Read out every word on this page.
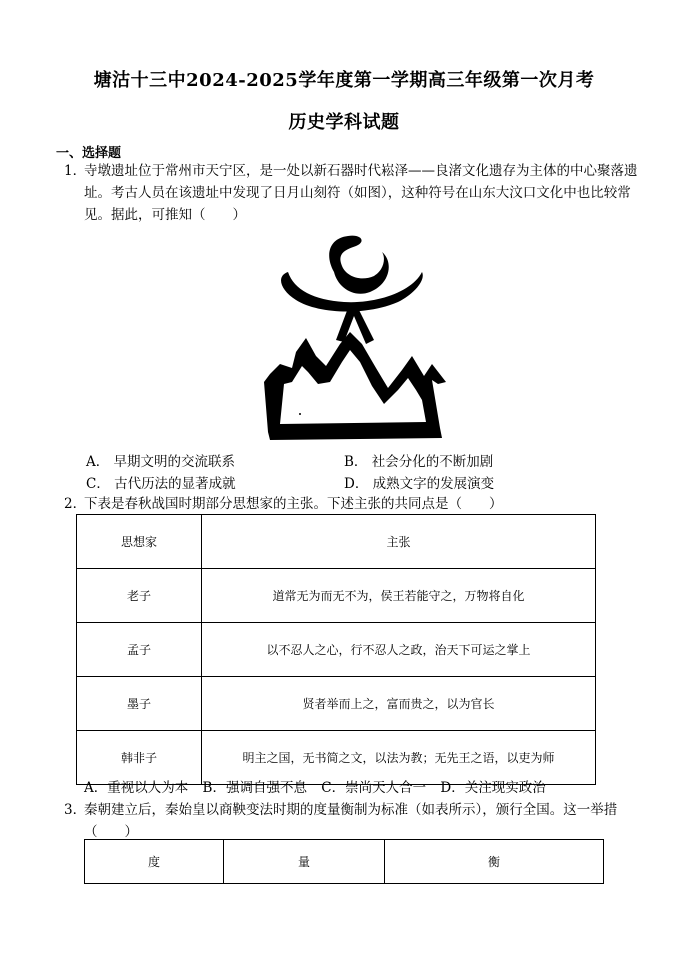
塘沽十三中2024-2025学年度第一学期高三年级第一次月考
历史学科试题
一、选择题
1．
寺墩遗址位于常州市天宁区，是一处以新石器时代崧泽——良渚文化遗存为主体的中心聚落遗址。考古人员在该遗址中发现了日月山刻符（如图），这种符号在山东大汶口文化中也比较常见。据此，可推知（　　）
A． 早期文明的交流联系	B． 社会分化的不断加剧
C． 古代历法的显著成就	D． 成熟文字的发展演变
2．
下表是春秋战国时期部分思想家的主张。下述主张的共同点是（　　）
思想家	主张
老子	道常无为而无不为，侯王若能守之，万物将自化
孟子	以不忍人之心，行不忍人之政，治天下可运之掌上
墨子	贤者举而上之，富而贵之，以为官长
韩非子	明主之国，无书简之文，以法为教；无先王之语，以吏为师
A．重视以人为本 B．强调自强不息 C．崇尚天人合一 D．关注现实政治
3．
秦朝建立后，秦始皇以商鞅变法时期的度量衡制为标准（如表所示），颁行全国。这一举措（　　）
度	量	衡
